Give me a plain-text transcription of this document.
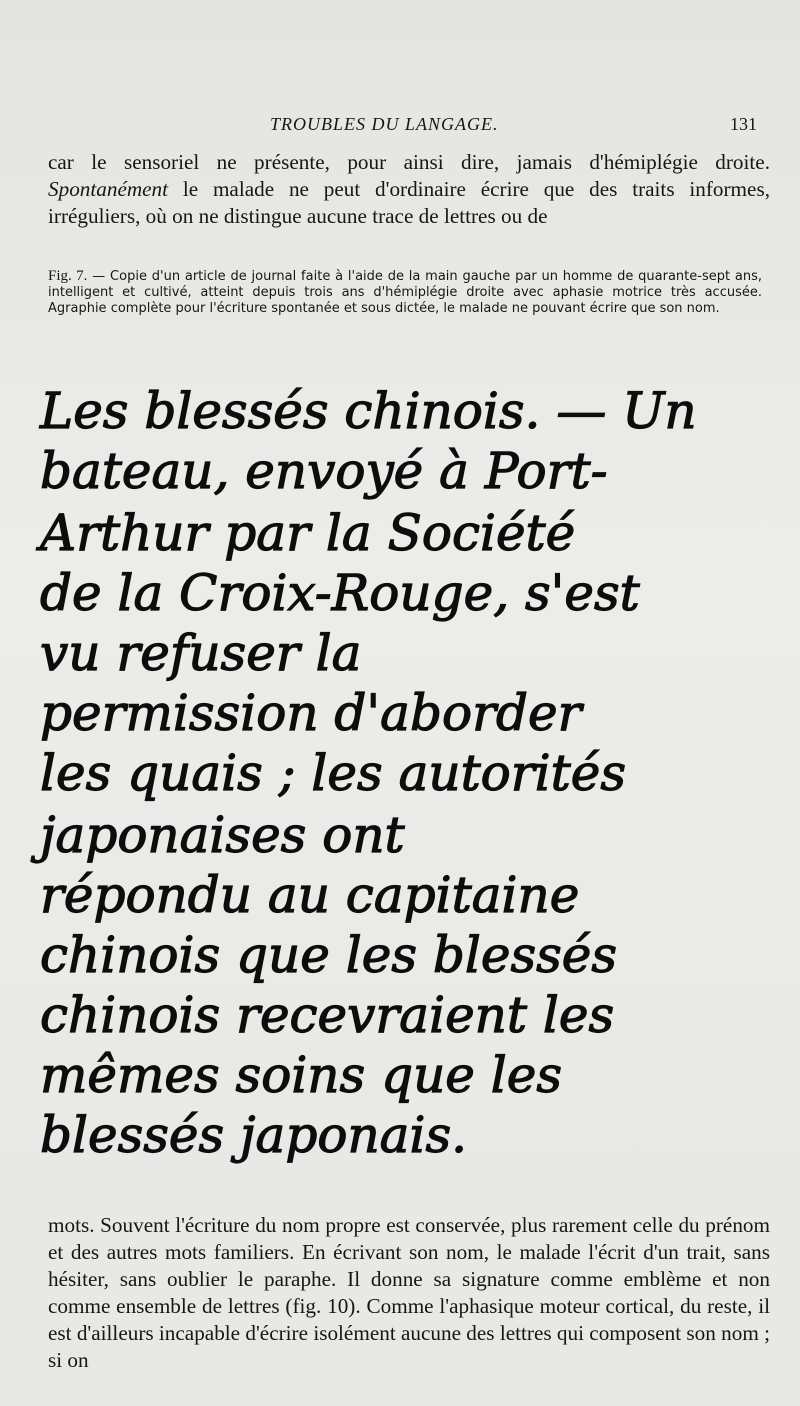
TROUBLES DU LANGAGE.	131

car le sensoriel ne présente, pour ainsi dire, jamais d'hémiplégie droite. Spontanément le malade ne peut d'ordinaire écrire que des traits informes, irréguliers, où on ne distingue aucune trace de lettres ou de

Fig. 7. — Copie d'un article de journal faite à l'aide de la main gauche par un homme de quarante-sept ans, intelligent et cultivé, atteint depuis trois ans d'hémiplégie droite avec aphasie motrice très accusée. Agraphie complète pour l'écriture spontanée et sous dictée, le malade ne pouvant écrire que son nom.
Les blessés chinois. — Un
bateau, envoyé à Port-
Arthur par la Société
de la Croix-Rouge, s'est
vu refuser la
permission d'aborder
les quais ; les autorités
japonaises ont
répondu au capitaine
chinois que les blessés
chinois recevraient les
mêmes soins que les
blessés japonais.

mots. Souvent l'écriture du nom propre est conservée, plus rarement celle du prénom et des autres mots familiers. En écrivant son nom, le malade l'écrit d'un trait, sans hésiter, sans oublier le paraphe. Il donne sa signature comme emblème et non comme ensemble de lettres (fig. 10). Comme l'aphasique moteur cortical, du reste, il est d'ailleurs incapable d'écrire isolément aucune des lettres qui composent son nom ; si on
